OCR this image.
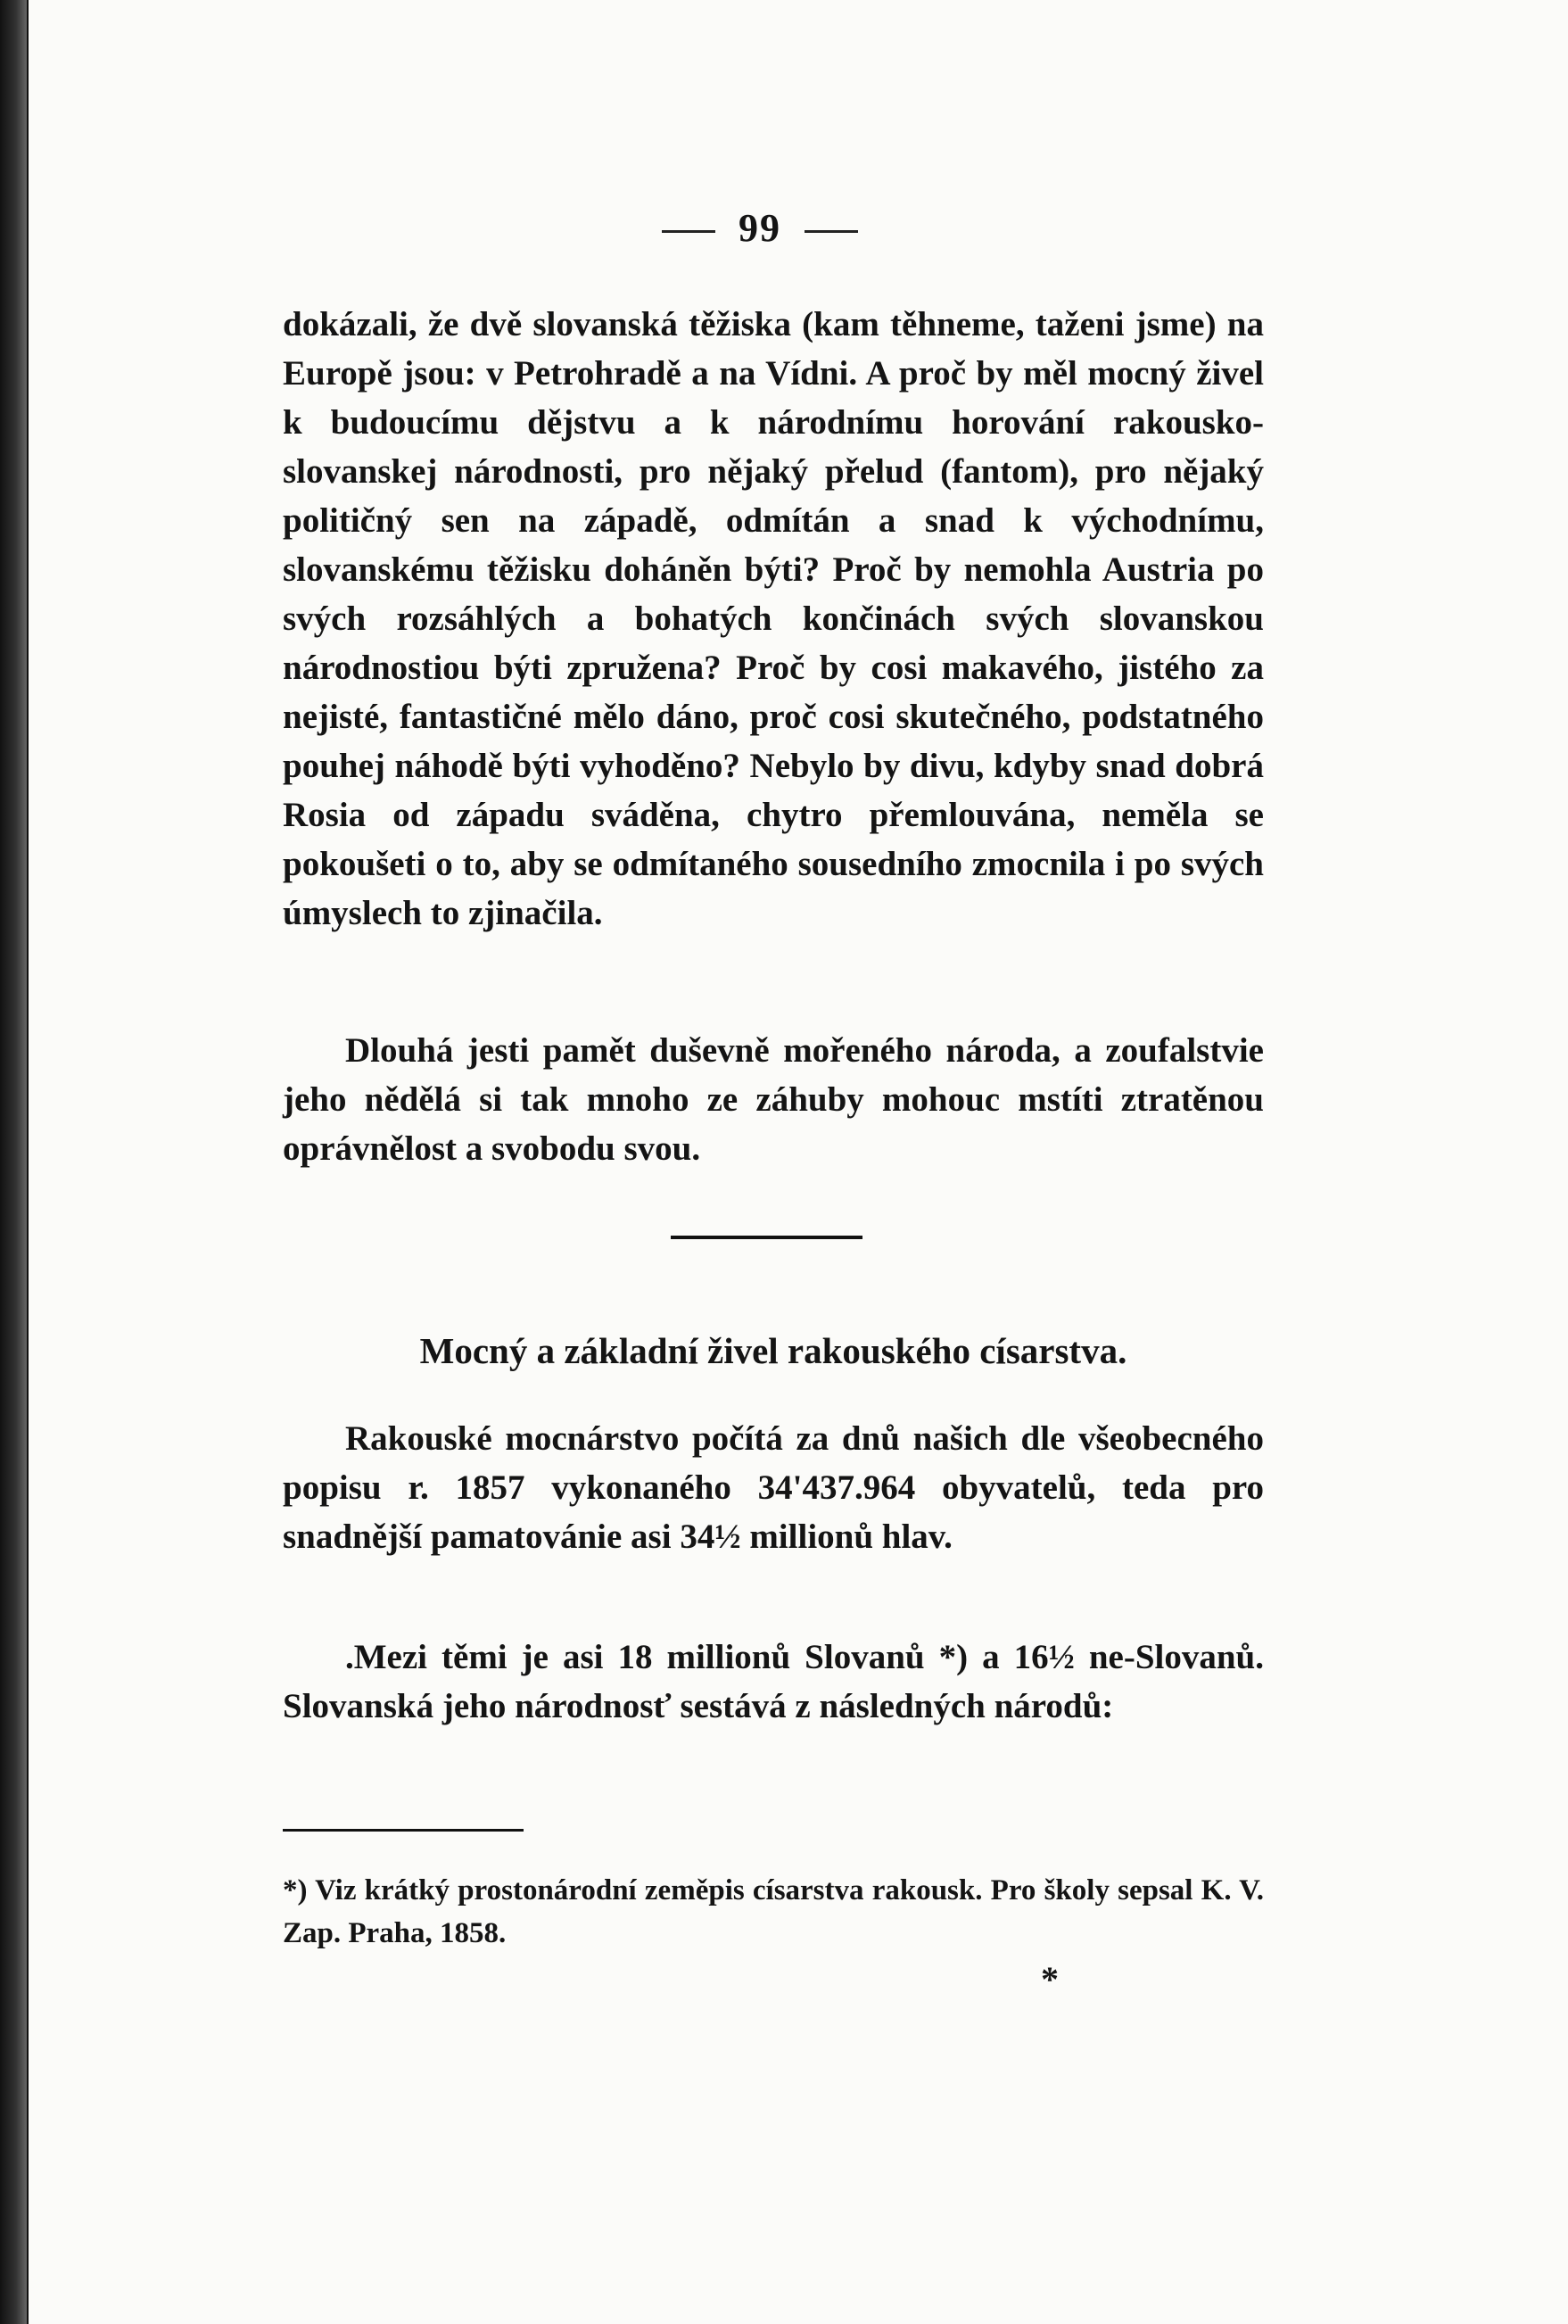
99
dokázali, že dvě slovanská těžiska (kam těhneme, taženi jsme) na Europě jsou: v Petrohradě a na Vídni. A proč by měl mocný živel k budoucímu dějstvu a k národnímu horování rakousko-slovanskej národnosti, pro nějaký přelud (fantom), pro nějaký političný sen na západě, odmítán a snad k východnímu, slovanskému těžisku doháněn býti? Proč by nemohla Austria po svých rozsáhlých a bohatých končinách svých slovanskou národnostiou býti zpružena? Proč by cosi makavého, jistého za nejisté, fantastičné mělo dáno, proč cosi skutečného, podstatného pouhej náhodě býti vyhoděno? Nebylo by divu, kdyby snad dobrá Rosia od západu sváděna, chytro přemlouvána, neměla se pokoušeti o to, aby se odmítaného sousedního zmocnila i po svých úmyslech to zjinačila.
Dlouhá jesti pamět duševně mořeného národa, a zoufalstvie jeho nědělá si tak mnoho ze záhuby mohouc mstíti ztratěnou oprávnělost a svobodu svou.
Mocný a základní živel rakouského císarstva.
Rakouské mocnárstvo počítá za dnů našich dle všeobecného popisu r. 1857 vykonaného 34'437.964 obyvatelů, teda pro snadnější pamatovánie asi 34½ millionů hlav.
.Mezi těmi je asi 18 millionů Slovanů *) a 16½ ne-Slovanů. Slovanská jeho národnosť sestává z následných národů:
*) Viz krátký prostonárodní zeměpis císarstva rakousk. Pro školy sepsal K. V. Zap. Praha, 1858.
*
